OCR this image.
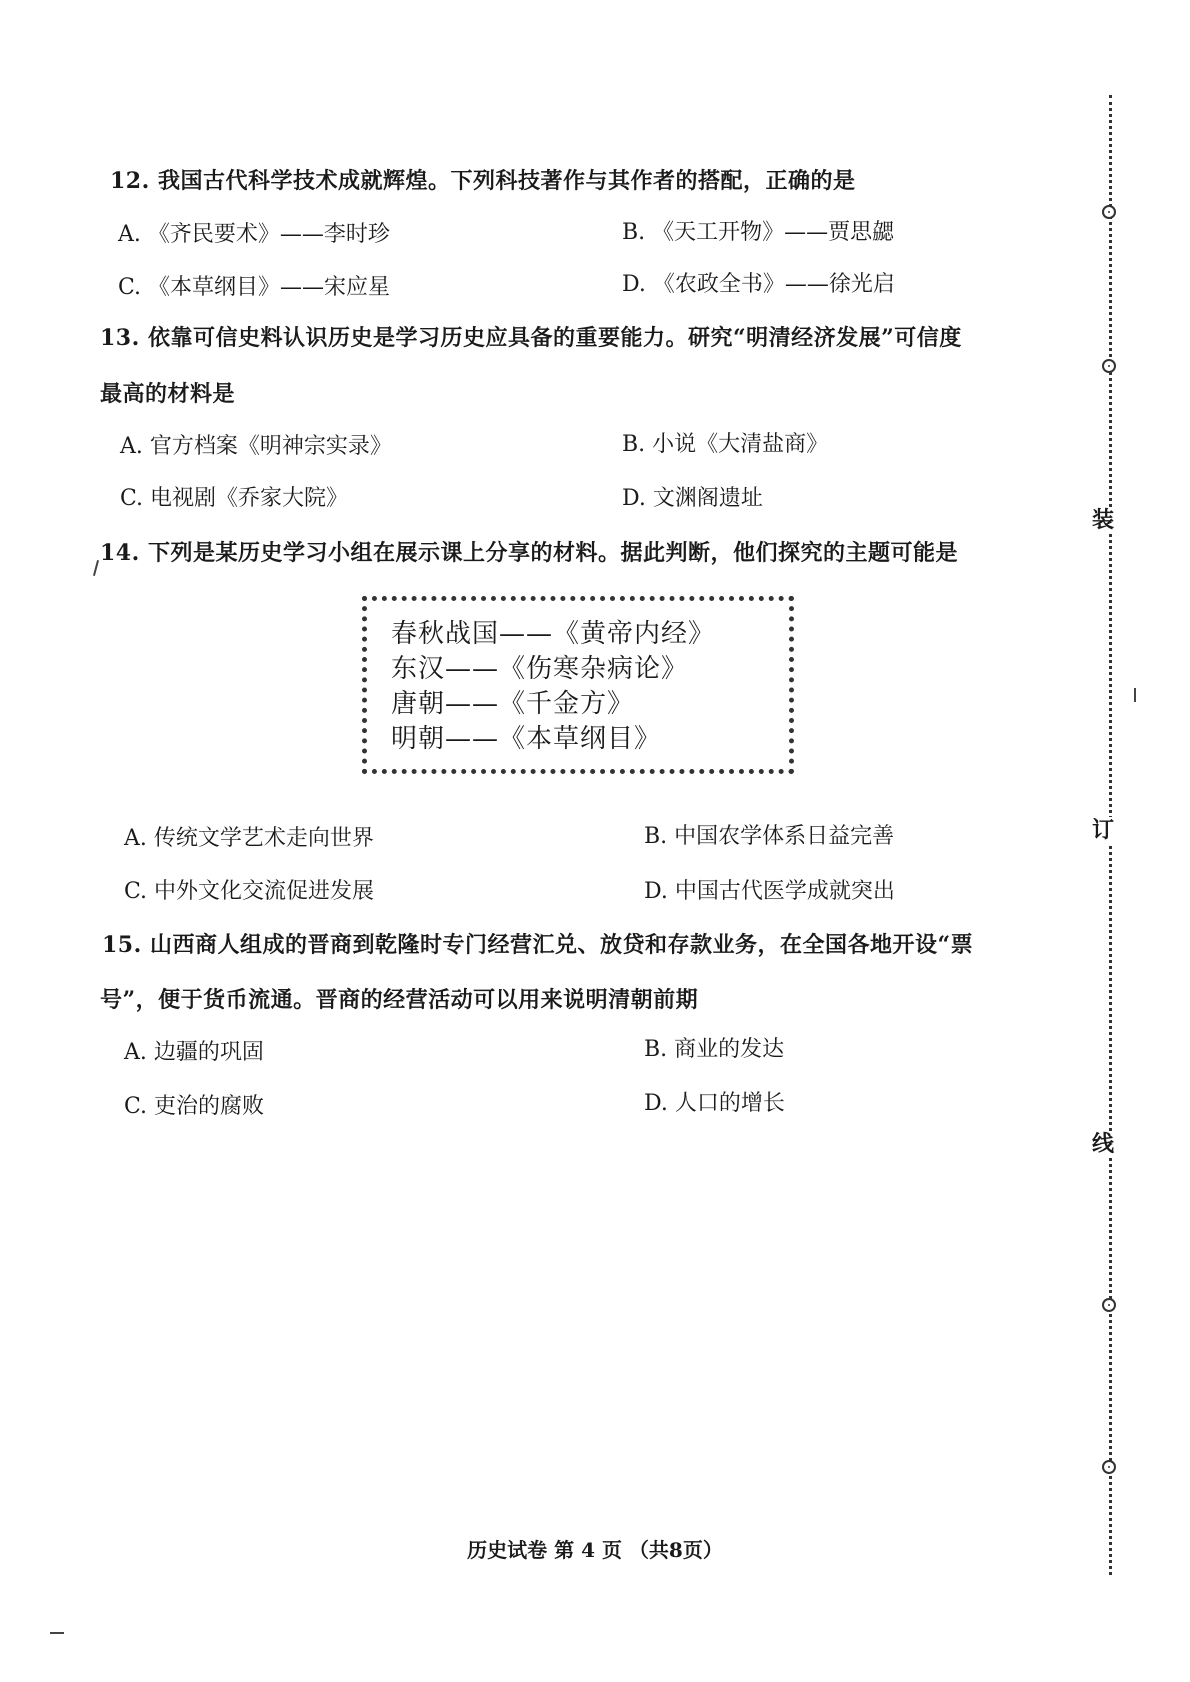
12. 我国古代科学技术成就辉煌。下列科技著作与其作者的搭配，正确的是
A. 《齐民要术》——李时珍	B. 《天工开物》——贾思勰
C. 《本草纲目》——宋应星	D. 《农政全书》——徐光启
13. 依靠可信史料认识历史是学习历史应具备的重要能力。研究“明清经济发展”可信度
最高的材料是
A. 官方档案《明神宗实录》	B. 小说《大清盐商》
C. 电视剧《乔家大院》	D. 文渊阁遗址
14. 下列是某历史学习小组在展示课上分享的材料。据此判断，他们探究的主题可能是
春秋战国——《黄帝内经》
东汉——《伤寒杂病论》
唐朝——《千金方》
明朝——《本草纲目》
A. 传统文学艺术走向世界	B. 中国农学体系日益完善
C. 中外文化交流促进发展	D. 中国古代医学成就突出
15. 山西商人组成的晋商到乾隆时专门经营汇兑、放贷和存款业务，在全国各地开设“票
号”，便于货币流通。晋商的经营活动可以用来说明清朝前期
A. 边疆的巩固	B. 商业的发达
C. 吏治的腐败	D. 人口的增长
历史试卷 第 4 页 （共8页）
装
订
线
